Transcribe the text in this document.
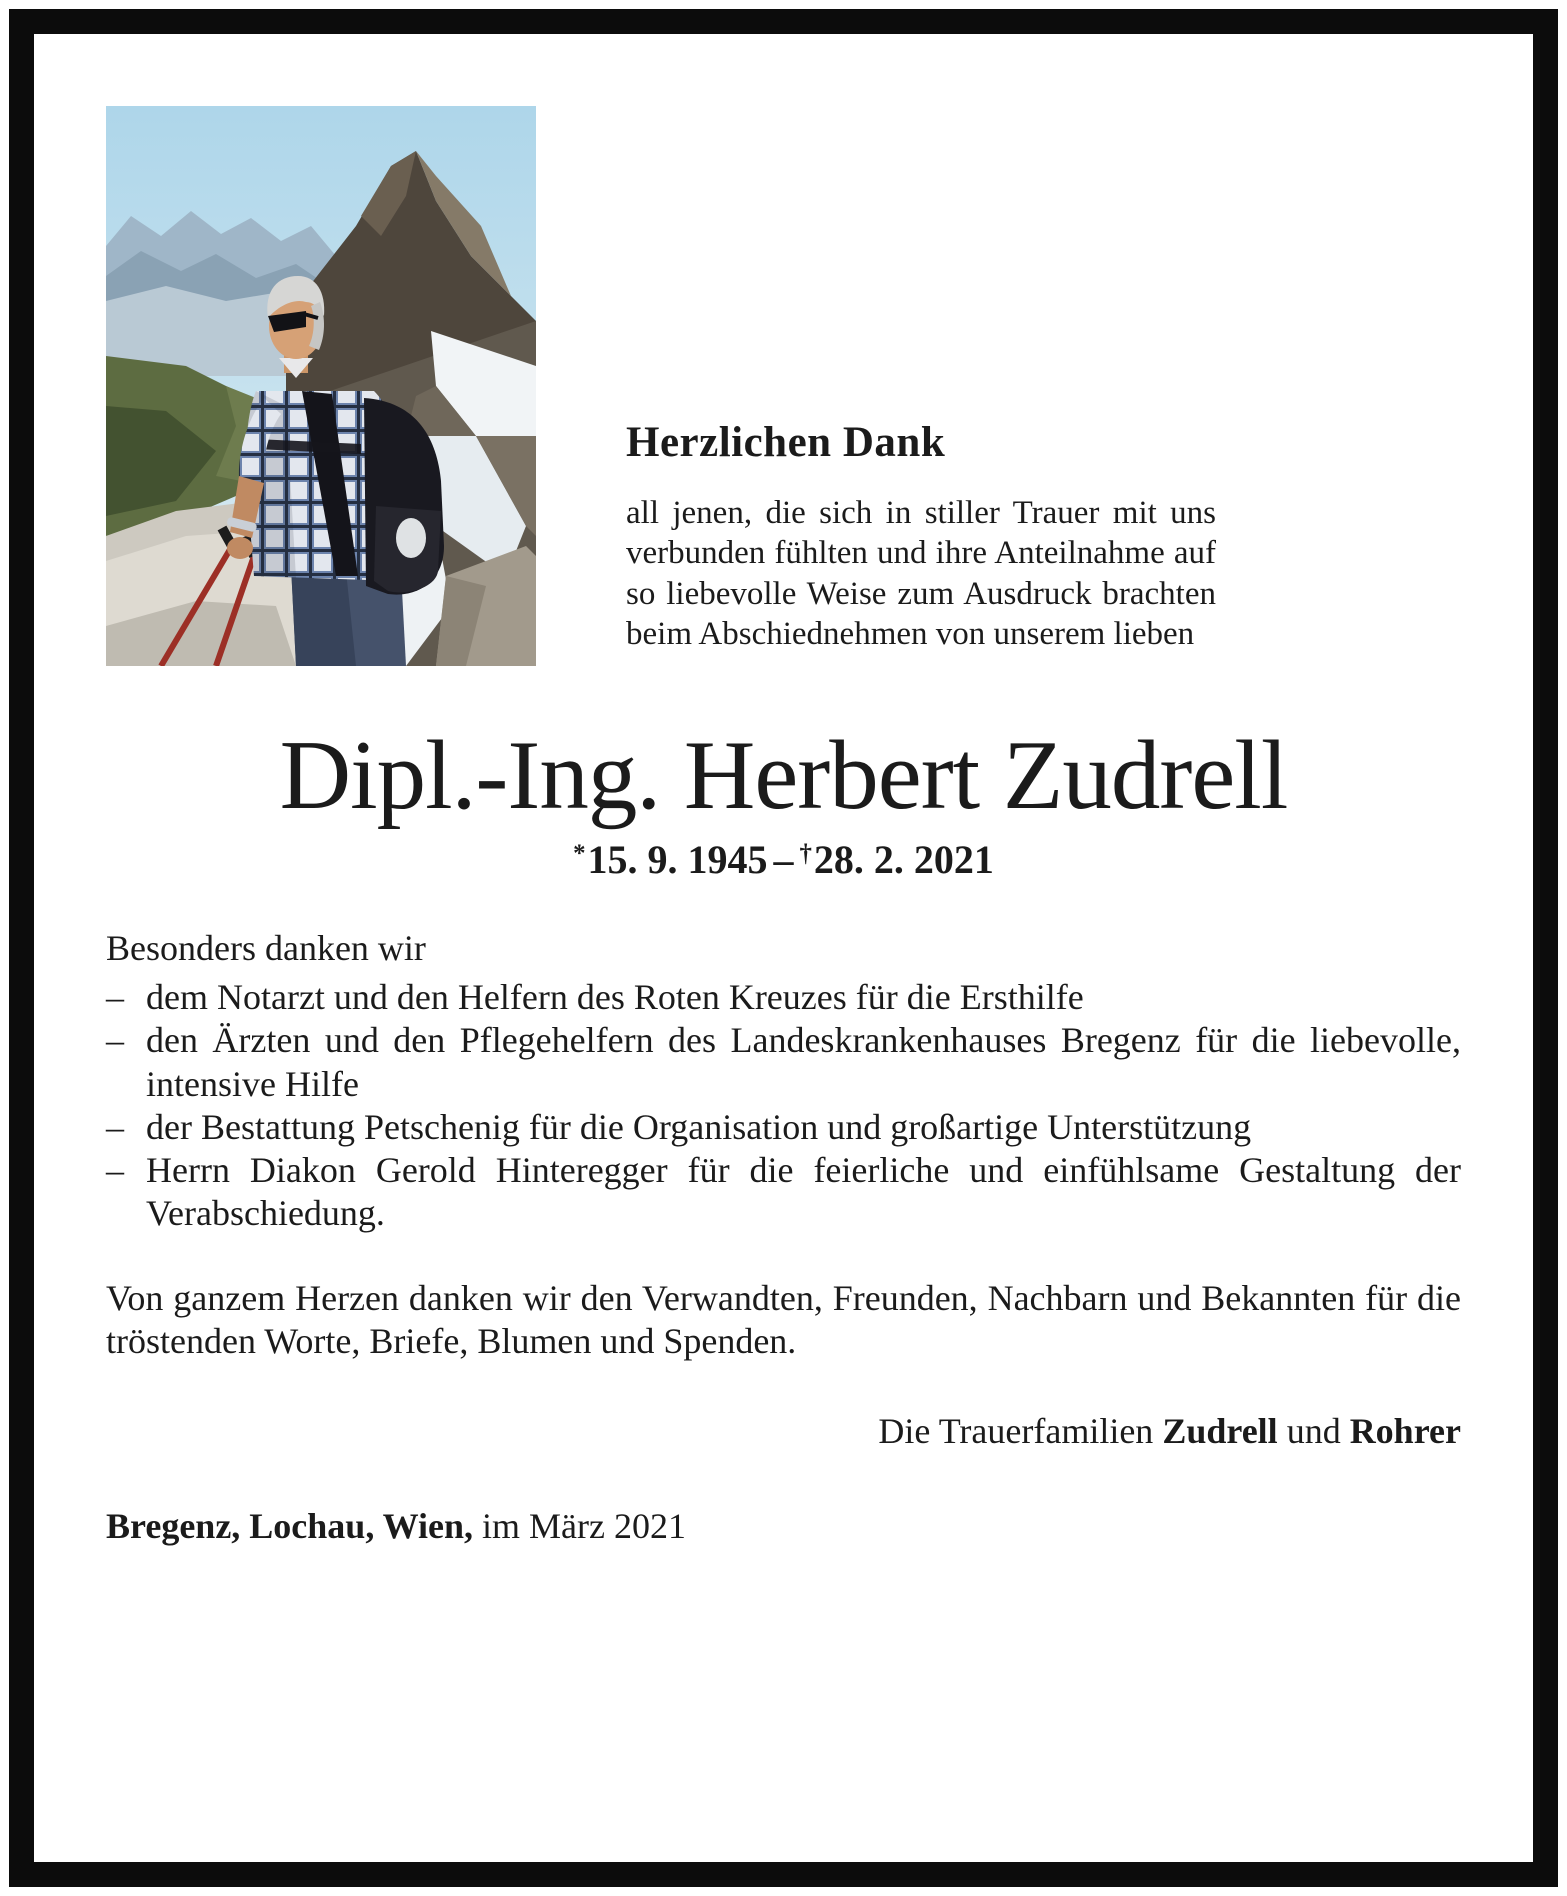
Herzlichen Dank

all jenen, die sich in stiller Trauer mit uns verbunden fühlten und ihre Anteilnahme auf so liebevolle Weise zum Ausdruck brachten beim Abschiednehmen von unserem lieben

Dipl.-Ing. Herbert Zudrell

*15. 9. 1945 – †28. 2. 2021

Besonders danken wir

– dem Notarzt und den Helfern des Roten Kreuzes für die Ersthilfe
– den Ärzten und den Pflegehelfern des Landeskrankenhauses Bregenz für die liebevolle, intensive Hilfe
– der Bestattung Petschenig für die Organisation und großartige Unterstützung
– Herrn Diakon Gerold Hinteregger für die feierliche und einfühlsame Gestaltung der Verabschiedung.

Von ganzem Herzen danken wir den Verwandten, Freunden, Nachbarn und Bekannten für die tröstenden Worte, Briefe, Blumen und Spenden.

Die Trauerfamilien Zudrell und Rohrer

Bregenz, Lochau, Wien, im März 2021
